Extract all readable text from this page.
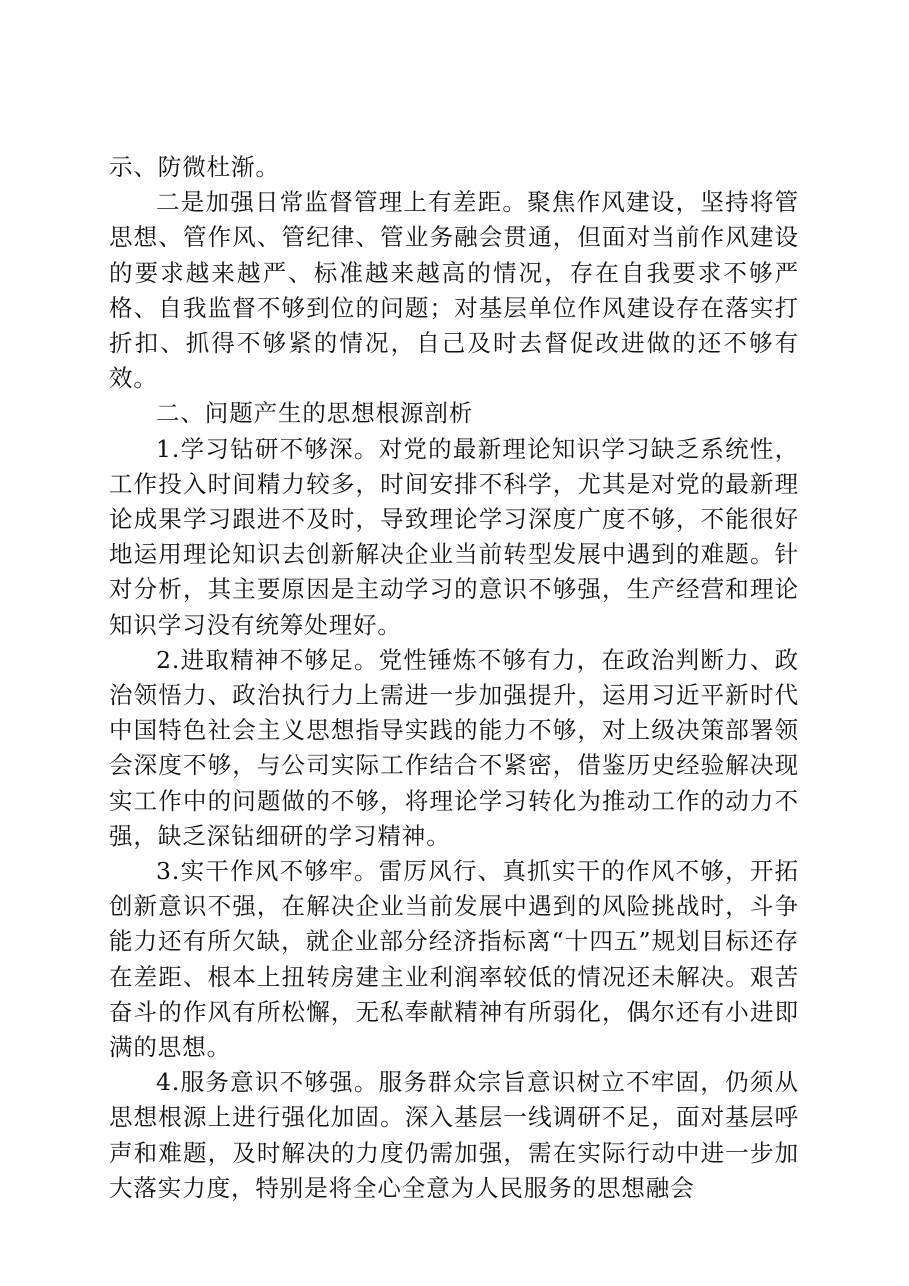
示、防微杜渐。

二是加强日常监督管理上有差距。聚焦作风建设，坚持将管思想、管作风、管纪律、管业务融会贯通，但面对当前作风建设的要求越来越严、标准越来越高的情况，存在自我要求不够严格、自我监督不够到位的问题；对基层单位作风建设存在落实打折扣、抓得不够紧的情况，自己及时去督促改进做的还不够有效。

二、问题产生的思想根源剖析

1.学习钻研不够深。对党的最新理论知识学习缺乏系统性，工作投入时间精力较多，时间安排不科学，尤其是对党的最新理论成果学习跟进不及时，导致理论学习深度广度不够，不能很好地运用理论知识去创新解决企业当前转型发展中遇到的难题。针对分析，其主要原因是主动学习的意识不够强，生产经营和理论知识学习没有统筹处理好。

2.进取精神不够足。党性锤炼不够有力，在政治判断力、政治领悟力、政治执行力上需进一步加强提升，运用习近平新时代中国特色社会主义思想指导实践的能力不够，对上级决策部署领会深度不够，与公司实际工作结合不紧密，借鉴历史经验解决现实工作中的问题做的不够，将理论学习转化为推动工作的动力不强，缺乏深钻细研的学习精神。

3.实干作风不够牢。雷厉风行、真抓实干的作风不够，开拓创新意识不强，在解决企业当前发展中遇到的风险挑战时，斗争能力还有所欠缺，就企业部分经济指标离“十四五”规划目标还存在差距、根本上扭转房建主业利润率较低的情况还未解决。艰苦奋斗的作风有所松懈，无私奉献精神有所弱化，偶尔还有小进即满的思想。

4.服务意识不够强。服务群众宗旨意识树立不牢固，仍须从思想根源上进行强化加固。深入基层一线调研不足，面对基层呼声和难题，及时解决的力度仍需加强，需在实际行动中进一步加大落实力度，特别是将全心全意为人民服务的思想融会
